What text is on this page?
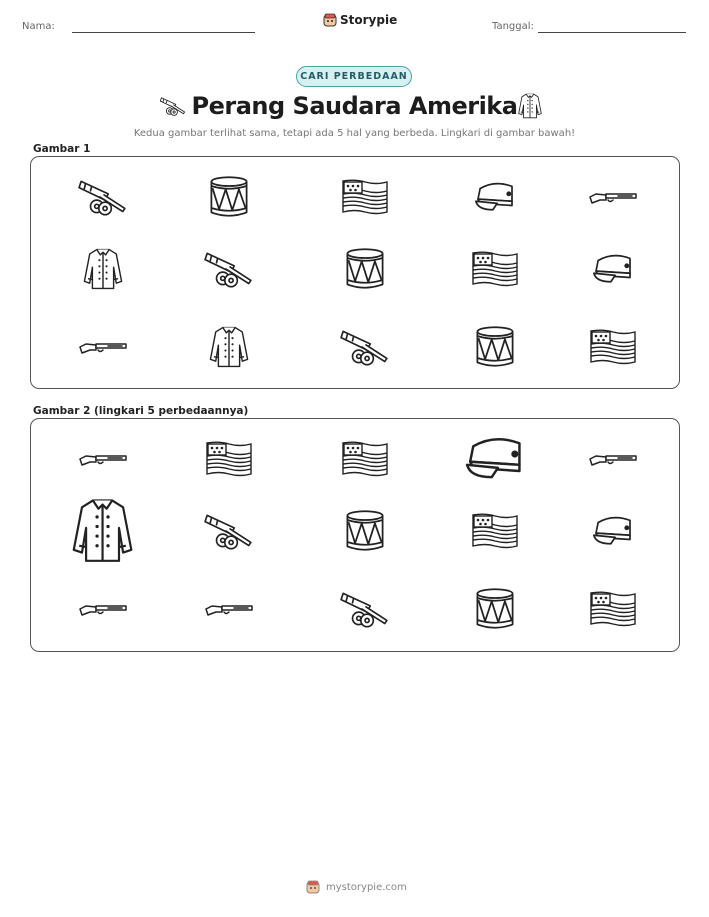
Nama:	Storypie	Tanggal:
CARI PERBEDAAN
Perang Saudara Amerika
Kedua gambar terlihat sama, tetapi ada 5 hal yang berbeda. Lingkari di gambar bawah!
Gambar 1
Gambar 2 (lingkari 5 perbedaannya)
mystorypie.com
